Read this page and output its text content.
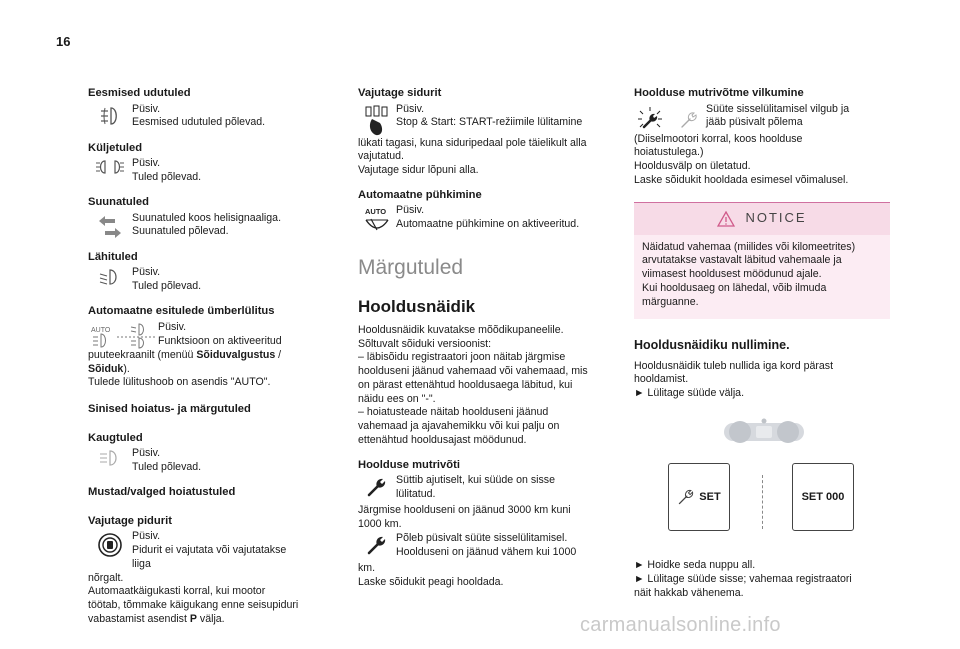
16
Eesmised udutuled

Püsiv.

Eesmised udutuled põlevad.

Küljetuled

Püsiv.

Tuled põlevad.

Suunatuled

Suunatuled koos helisignaaliga.

Suunatuled põlevad.

Lähituled

Püsiv.

Tuled põlevad.

Automaatne esitulede ümberlülitus
AUTO	Püsiv.

Funktsioon on aktiveeritud

puuteekraanilt (menüü Sõiduvalgustus /
Sõiduk).

Tulede lülitushoob on asendis "AUTO".

Sinised hoiatus- ja märgutuled
Kaugtuled

Püsiv.

Tuled põlevad.

Mustad/valged hoiatustuled
Vajutage pidurit

Püsiv.

Pidurit ei vajutata või vajutatakse liiga

nõrgalt.

Automaatkäigukasti korral, kui mootor

töötab, tõmmake käigukang enne seisupiduri

vabastamist asendist P välja.

Vajutage sidurit

Püsiv.

Stop & Start: START-režiimile lülitamine

lükati tagasi, kuna siduripedaal pole täielikult alla

vajutatud.

Vajutage sidur lõpuni alla.

Automaatne pühkimine
AUTO Püsiv.

Automaatne pühkimine on aktiveeritud.

Märgutuled
Hooldusnäidik

Hooldusnäidik kuvatakse mõõdikupaneelile.

Sõltuvalt sõiduki versioonist:

– läbisõidu registraatori joon näitab järgmise

hoolduseni jäänud vahemaad või vahemaad, mis

on pärast ettenähtud hooldusaega läbitud, kui

näidu ees on "-".

– hoiatusteade näitab hoolduseni jäänud

vahemaad ja ajavahemikku või kui palju on

ettenähtud hooldusajast möödunud.

Hoolduse mutrivõti

Süttib ajutiselt, kui süüde on sisse

lülitatud.

Järgmise hoolduseni on jäänud 3000 km kuni

1000 km.

Põleb püsivalt süüte sisselülitamisel.

Hoolduseni on jäänud vähem kui 1000

km.

Laske sõidukit peagi hooldada.

Hoolduse mutrivõtme vilkumine

Süüte sisselülitamisel vilgub ja

jääb püsivalt põlema

(Diiselmootori korral, koos hoolduse

hoiatustulega.)

Hooldusvälp on ületatud.

Laske sõidukit hooldada esimesel võimalusel.

NOTICE

Näidatud vahemaa (miilides või kilomeetrites)

arvutatakse vastavalt läbitud vahemaale ja

viimasest hooldusest möödunud ajale.

Kui hooldusaeg on lähedal, võib ilmuda

märguanne.

Hooldusnäidiku nullimine.

Hooldusnäidik tuleb nullida iga kord pärast

hooldamist.

► Lülitage süüde välja.

SET	SET 000

► Hoidke seda nuppu all.

► Lülitage süüde sisse; vahemaa registraatori

näit hakkab vähenema.

carmanualsonline.info
